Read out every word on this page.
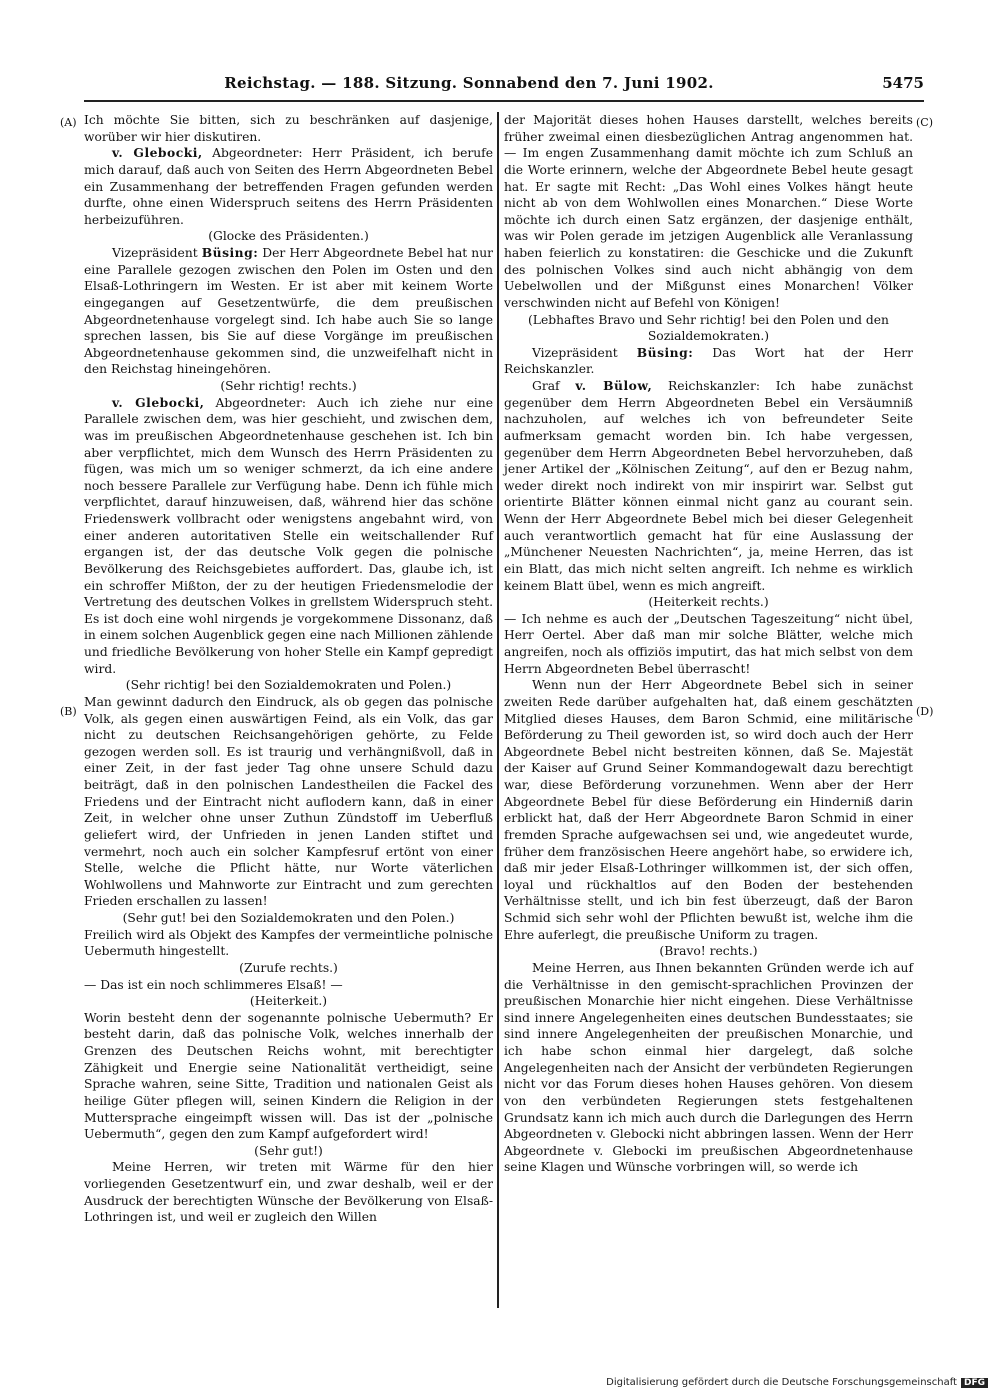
Reichstag. — 188. Sitzung. Sonnabend den 7. Juni 1902.	5475
(A)
(B)
(C)
(D)

Ich möchte Sie bitten, sich zu beschränken auf dasjenige, worüber wir hier diskutiren.

v. Glebocki, Abgeordneter: Herr Präsident, ich berufe mich darauf, daß auch von Seiten des Herrn Abgeordneten Bebel ein Zusammenhang der betreffenden Fragen gefunden werden durfte, ohne einen Widerspruch seitens des Herrn Präsidenten herbeizuführen.

(Glocke des Präsidenten.)

Vizepräsident Büsing: Der Herr Abgeordnete Bebel hat nur eine Parallele gezogen zwischen den Polen im Osten und den Elsaß-Lothringern im Westen. Er ist aber mit keinem Worte eingegangen auf Gesetzentwürfe, die dem preußischen Abgeordnetenhause vorgelegt sind. Ich habe auch Sie so lange sprechen lassen, bis Sie auf diese Vorgänge im preußischen Abgeordnetenhause gekommen sind, die unzweifelhaft nicht in den Reichstag hineingehören.

(Sehr richtig! rechts.)

v. Glebocki, Abgeordneter: Auch ich ziehe nur eine Parallele zwischen dem, was hier geschieht, und zwischen dem, was im preußischen Abgeordnetenhause geschehen ist. Ich bin aber verpflichtet, mich dem Wunsch des Herrn Präsidenten zu fügen, was mich um so weniger schmerzt, da ich eine andere noch bessere Parallele zur Verfügung habe. Denn ich fühle mich verpflichtet, darauf hinzuweisen, daß, während hier das schöne Friedenswerk vollbracht oder wenigstens angebahnt wird, von einer anderen autoritativen Stelle ein weitschallender Ruf ergangen ist, der das deutsche Volk gegen die polnische Bevölkerung des Reichsgebietes auffordert. Das, glaube ich, ist ein schroffer Mißton, der zu der heutigen Friedensmelodie der Vertretung des deutschen Volkes in grellstem Widerspruch steht. Es ist doch eine wohl nirgends je vorgekommene Dissonanz, daß in einem solchen Augenblick gegen eine nach Millionen zählende und friedliche Bevölkerung von hoher Stelle ein Kampf gepredigt wird.

(Sehr richtig! bei den Sozialdemokraten und Polen.)

Man gewinnt dadurch den Eindruck, als ob gegen das polnische Volk, als gegen einen auswärtigen Feind, als ein Volk, das gar nicht zu deutschen Reichsangehörigen gehörte, zu Felde gezogen werden soll. Es ist traurig und verhängnißvoll, daß in einer Zeit, in der fast jeder Tag ohne unsere Schuld dazu beiträgt, daß in den polnischen Landestheilen die Fackel des Friedens und der Eintracht nicht auflodern kann, daß in einer Zeit, in welcher ohne unser Zuthun Zündstoff im Ueberfluß geliefert wird, der Unfrieden in jenen Landen stiftet und vermehrt, noch auch ein solcher Kampfesruf ertönt von einer Stelle, welche die Pflicht hätte, nur Worte väterlichen Wohlwollens und Mahnworte zur Eintracht und zum gerechten Frieden erschallen zu lassen!

(Sehr gut! bei den Sozialdemokraten und den Polen.)

Freilich wird als Objekt des Kampfes der vermeintliche polnische Uebermuth hingestellt.

(Zurufe rechts.)

— Das ist ein noch schlimmeres Elsaß! —

(Heiterkeit.)

Worin besteht denn der sogenannte polnische Uebermuth? Er besteht darin, daß das polnische Volk, welches innerhalb der Grenzen des Deutschen Reichs wohnt, mit berechtigter Zähigkeit und Energie seine Nationalität vertheidigt, seine Sprache wahren, seine Sitte, Tradition und nationalen Geist als heilige Güter pflegen will, seinen Kindern die Religion in der Muttersprache eingeimpft wissen will. Das ist der „polnische Uebermuth“, gegen den zum Kampf aufgefordert wird!

(Sehr gut!)

Meine Herren, wir treten mit Wärme für den hier vorliegenden Gesetzentwurf ein, und zwar deshalb, weil er der Ausdruck der berechtigten Wünsche der Bevölkerung von Elsaß-Lothringen ist, und weil er zugleich den Willen

der Majorität dieses hohen Hauses darstellt, welches bereits früher zweimal einen diesbezüglichen Antrag angenommen hat. — Im engen Zusammenhang damit möchte ich zum Schluß an die Worte erinnern, welche der Abgeordnete Bebel heute gesagt hat. Er sagte mit Recht: „Das Wohl eines Volkes hängt heute nicht ab von dem Wohlwollen eines Monarchen.“ Diese Worte möchte ich durch einen Satz ergänzen, der dasjenige enthält, was wir Polen gerade im jetzigen Augenblick alle Veranlassung haben feierlich zu konstatiren: die Geschicke und die Zukunft des polnischen Volkes sind auch nicht abhängig von dem Uebelwollen und der Mißgunst eines Monarchen! Völker verschwinden nicht auf Befehl von Königen!

(Lebhaftes Bravo und Sehr richtig! bei den Polen und den Sozialdemokraten.)

Vizepräsident Büsing: Das Wort hat der Herr Reichskanzler.

Graf v. Bülow, Reichskanzler: Ich habe zunächst gegenüber dem Herrn Abgeordneten Bebel ein Versäumniß nachzuholen, auf welches ich von befreundeter Seite aufmerksam gemacht worden bin. Ich habe vergessen, gegenüber dem Herrn Abgeordneten Bebel hervorzuheben, daß jener Artikel der „Kölnischen Zeitung“, auf den er Bezug nahm, weder direkt noch indirekt von mir inspirirt war. Selbst gut orientirte Blätter können einmal nicht ganz au courant sein. Wenn der Herr Abgeordnete Bebel mich bei dieser Gelegenheit auch verantwortlich gemacht hat für eine Auslassung der „Münchener Neuesten Nachrichten“, ja, meine Herren, das ist ein Blatt, das mich nicht selten angreift. Ich nehme es wirklich keinem Blatt übel, wenn es mich angreift.

(Heiterkeit rechts.)

— Ich nehme es auch der „Deutschen Tageszeitung“ nicht übel, Herr Oertel. Aber daß man mir solche Blätter, welche mich angreifen, noch als offiziös imputirt, das hat mich selbst von dem Herrn Abgeordneten Bebel überrascht!

Wenn nun der Herr Abgeordnete Bebel sich in seiner zweiten Rede darüber aufgehalten hat, daß einem geschätzten Mitglied dieses Hauses, dem Baron Schmid, eine militärische Beförderung zu Theil geworden ist, so wird doch auch der Herr Abgeordnete Bebel nicht bestreiten können, daß Se. Majestät der Kaiser auf Grund Seiner Kommandogewalt dazu berechtigt war, diese Beförderung vorzunehmen. Wenn aber der Herr Abgeordnete Bebel für diese Beförderung ein Hinderniß darin erblickt hat, daß der Herr Abgeordnete Baron Schmid in einer fremden Sprache aufgewachsen sei und, wie angedeutet wurde, früher dem französischen Heere angehört habe, so erwidere ich, daß mir jeder Elsaß-Lothringer willkommen ist, der sich offen, loyal und rückhaltlos auf den Boden der bestehenden Verhältnisse stellt, und ich bin fest überzeugt, daß der Baron Schmid sich sehr wohl der Pflichten bewußt ist, welche ihm die Ehre auferlegt, die preußische Uniform zu tragen.

(Bravo! rechts.)

Meine Herren, aus Ihnen bekannten Gründen werde ich auf die Verhältnisse in den gemischt-sprachlichen Provinzen der preußischen Monarchie hier nicht eingehen. Diese Verhältnisse sind innere Angelegenheiten eines deutschen Bundesstaates; sie sind innere Angelegenheiten der preußischen Monarchie, und ich habe schon einmal hier dargelegt, daß solche Angelegenheiten nach der Ansicht der verbündeten Regierungen nicht vor das Forum dieses hohen Hauses gehören. Von diesem von den verbündeten Regierungen stets festgehaltenen Grundsatz kann ich mich auch durch die Darlegungen des Herrn Abgeordneten v. Glebocki nicht abbringen lassen. Wenn der Herr Abgeordnete v. Glebocki im preußischen Abgeordnetenhause seine Klagen und Wünsche vorbringen will, so werde ich

Digitalisierung gefördert durch die Deutsche Forschungsgemeinschaft DFG
